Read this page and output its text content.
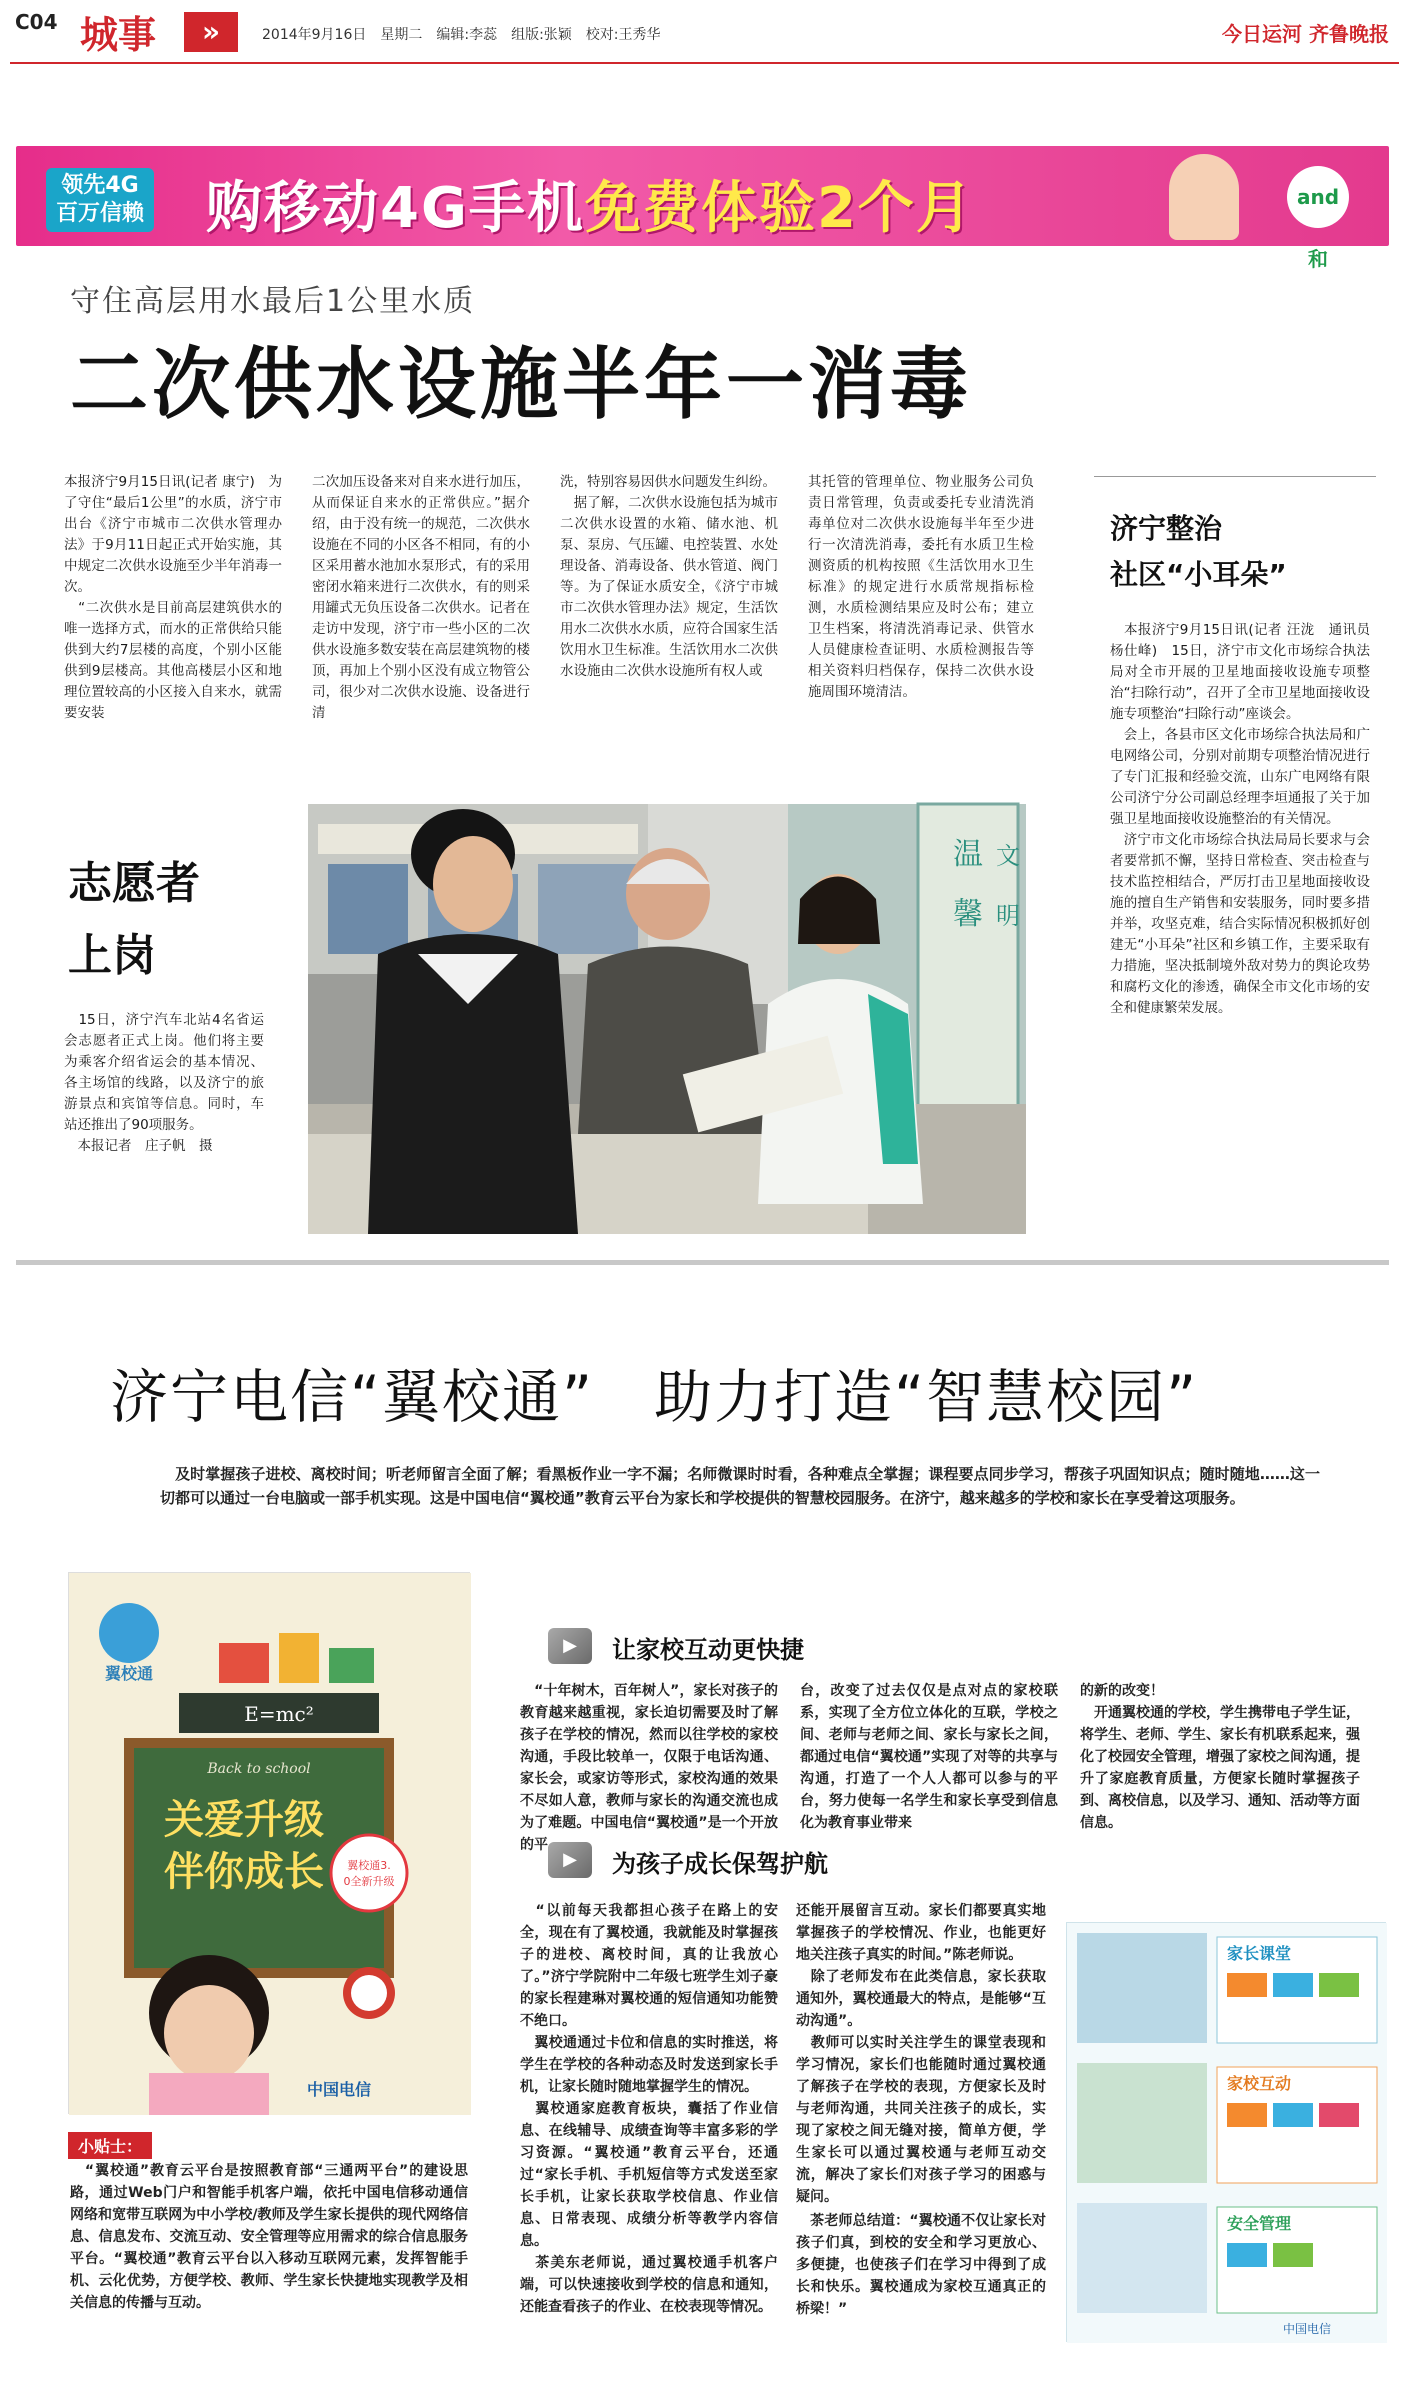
C04 城事	»	2014年9月16日　星期二　编辑:李蕊　组版:张颖　校对:王秀华	今日运河 齐鲁晚报
领先4G
百万信赖 购移动4G手机免费体验2个月	and和
守住高层用水最后1公里水质
二次供水设施半年一消毒
本报济宁9月15日讯(记者 康宁)　为了守住“最后1公里”的水质，济宁市出台《济宁市城市二次供水管理办法》于9月11日起正式开始实施，其中规定二次供水设施至少半年消毒一次。
　“二次供水是目前高层建筑供水的唯一选择方式，而水的正常供给只能供到大约7层楼的高度，个别小区能供到9层楼高。其他高楼层小区和地理位置较高的小区接入自来水，就需要安装
二次加压设备来对自来水进行加压，从而保证自来水的正常供应。”据介绍，由于没有统一的规范，二次供水设施在不同的小区各不相同，有的小区采用蓄水池加水泵形式，有的采用密闭水箱来进行二次供水，有的则采用罐式无负压设备二次供水。记者在走访中发现，济宁市一些小区的二次供水设施多数安装在高层建筑物的楼顶，再加上个别小区没有成立物管公司，很少对二次供水设施、设备进行清
洗，特别容易因供水问题发生纠纷。
　据了解，二次供水设施包括为城市二次供水设置的水箱、储水池、机泵、泵房、气压罐、电控装置、水处理设备、消毒设备、供水管道、阀门等。为了保证水质安全，《济宁市城市二次供水管理办法》规定，生活饮用水二次供水水质，应符合国家生活饮用水卫生标准。生活饮用水二次供水设施由二次供水设施所有权人或
其托管的管理单位、物业服务公司负责日常管理，负责或委托专业清洗消毒单位对二次供水设施每半年至少进行一次清洗消毒，委托有水质卫生检测资质的机构按照《生活饮用水卫生标准》的规定进行水质常规指标检测，水质检测结果应及时公布；建立卫生档案，将清洗消毒记录、供管水人员健康检查证明、水质检测报告等相关资料归档保存，保持二次供水设施周围环境清洁。
济宁整治
社区“小耳朵”
　本报济宁9月15日讯(记者 汪泷　通讯员 杨仕峰)　15日，济宁市文化市场综合执法局对全市开展的卫星地面接收设施专项整治“扫除行动”，召开了全市卫星地面接收设施专项整治“扫除行动”座谈会。
　会上，各县市区文化市场综合执法局和广电网络公司，分别对前期专项整治情况进行了专门汇报和经验交流，山东广电网络有限公司济宁分公司副总经理李垣通报了关于加强卫星地面接收设施整治的有关情况。
　济宁市文化市场综合执法局局长要求与会者要常抓不懈，坚持日常检查、突击检查与技术监控相结合，严厉打击卫星地面接收设施的擅自生产销售和安装服务，同时要多措并举，攻坚克难，结合实际情况积极抓好创建无“小耳朵”社区和乡镇工作，主要采取有力措施，坚决抵制境外敌对势力的舆论攻势和腐朽文化的渗透，确保全市文化市场的安全和健康繁荣发展。
志愿者
上岗
　15日，济宁汽车北站4名省运会志愿者正式上岗。他们将主要为乘客介绍省运会的基本情况、各主场馆的线路，以及济宁的旅游景点和宾馆等信息。同时，车站还推出了90项服务。
　本报记者　庄子帆　摄
温
馨
文
明
济宁电信“翼校通”　助力打造“智慧校园”
　及时掌握孩子进校、离校时间；听老师留言全面了解；看黑板作业一字不漏；名师微课时时看，各种难点全掌握；课程要点同步学习，帮孩子巩固知识点；随时随地……这一切都可以通过一台电脑或一部手机实现。这是中国电信“翼校通”教育云平台为家长和学校提供的智慧校园服务。在济宁，越来越多的学校和家长在享受着这项服务。
翼校通
E=mc²
Back to school
关爱升级
伴你成长 翼校通3.
0全新升级
中国电信
小贴士：
　“翼校通”教育云平台是按照教育部“三通两平台”的建设思路，通过Web门户和智能手机客户端，依托中国电信移动通信网络和宽带互联网为中小学校/教师及学生家长提供的现代网络信息、信息发布、交流互动、安全管理等应用需求的综合信息服务平台。“翼校通”教育云平台以入移动互联网元素，发挥智能手机、云化优势，方便学校、教师、学生家长快捷地实现教学及相关信息的传播与互动。
▶	让家校互动更快捷
　“十年树木，百年树人”，家长对孩子的教育越来越重视，家长迫切需要及时了解孩子在学校的情况，然而以往学校的家校沟通，手段比较单一，仅限于电话沟通、家长会，或家访等形式，家校沟通的效果不尽如人意，教师与家长的沟通交流也成为了难题。中国电信“翼校通”是一个开放的平
台，改变了过去仅仅是点对点的家校联系，实现了全方位立体化的互联，学校之间、老师与老师之间、家长与家长之间，都通过电信“翼校通”实现了对等的共享与沟通，打造了一个人人都可以参与的平台，努力使每一名学生和家长享受到信息化为教育事业带来
的新的改变！
　开通翼校通的学校，学生携带电子学生证，将学生、老师、学生、家长有机联系起来，强化了校园安全管理，增强了家校之间沟通，提升了家庭教育质量，方便家长随时掌握孩子到、离校信息，以及学习、通知、活动等方面信息。
▶	为孩子成长保驾护航
　“以前每天我都担心孩子在路上的安全，现在有了翼校通，我就能及时掌握孩子的进校、离校时间，真的让我放心了。”济宁学院附中二年级七班学生刘子豪的家长程建琳对翼校通的短信通知功能赞不绝口。
　翼校通通过卡位和信息的实时推送，将学生在学校的各种动态及时发送到家长手机，让家长随时随地掌握学生的情况。
　翼校通家庭教育板块，囊括了作业信息、在线辅导、成绩查询等丰富多彩的学习资源。“翼校通”教育云平台，还通过“家长手机、手机短信等方式发送至家长手机，让家长获取学校信息、作业信息、日常表现、成绩分析等教学内容信息。
　茶美东老师说，通过翼校通手机客户端，可以快速接收到学校的信息和通知，还能查看孩子的作业、在校表现等情况。
还能开展留言互动。家长们都要真实地掌握孩子的学校情况、作业，也能更好地关注孩子真实的时间。”陈老师说。
　除了老师发布在此类信息，家长获取通知外，翼校通最大的特点，是能够“互动沟通”。
　教师可以实时关注学生的课堂表现和学习情况，家长们也能随时通过翼校通了解孩子在学校的表现，方便家长及时与老师沟通，共同关注孩子的成长，实现了家校之间无缝对接，简单方便，学生家长可以通过翼校通与老师互动交流，解决了家长们对孩子学习的困惑与疑问。
　茶老师总结道：“翼校通不仅让家长对孩子们真，到校的安全和学习更放心、多便捷，也使孩子们在学习中得到了成长和快乐。翼校通成为家校互通真正的桥梁！”
家长课堂
家校互动
安全管理
中国电信
